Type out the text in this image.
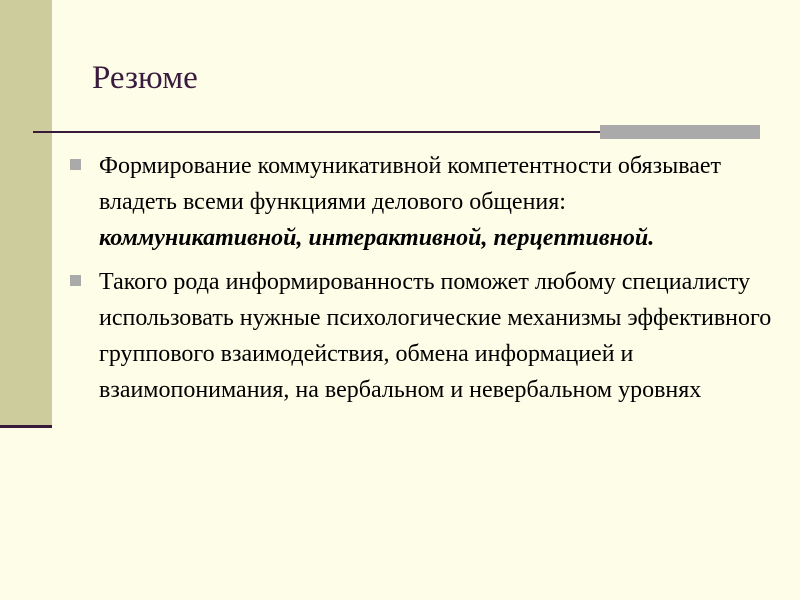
Резюме
Формирование коммуникативной компетентности обязывает владеть всеми функциями делового общения: коммуникативной, интерактивной, перцептивной.
Такого рода информированность поможет любому специалисту использовать нужные психологические механизмы эффективного группового взаимодействия, обмена информацией и взаимопонимания, на вербальном и невербальном уровнях
